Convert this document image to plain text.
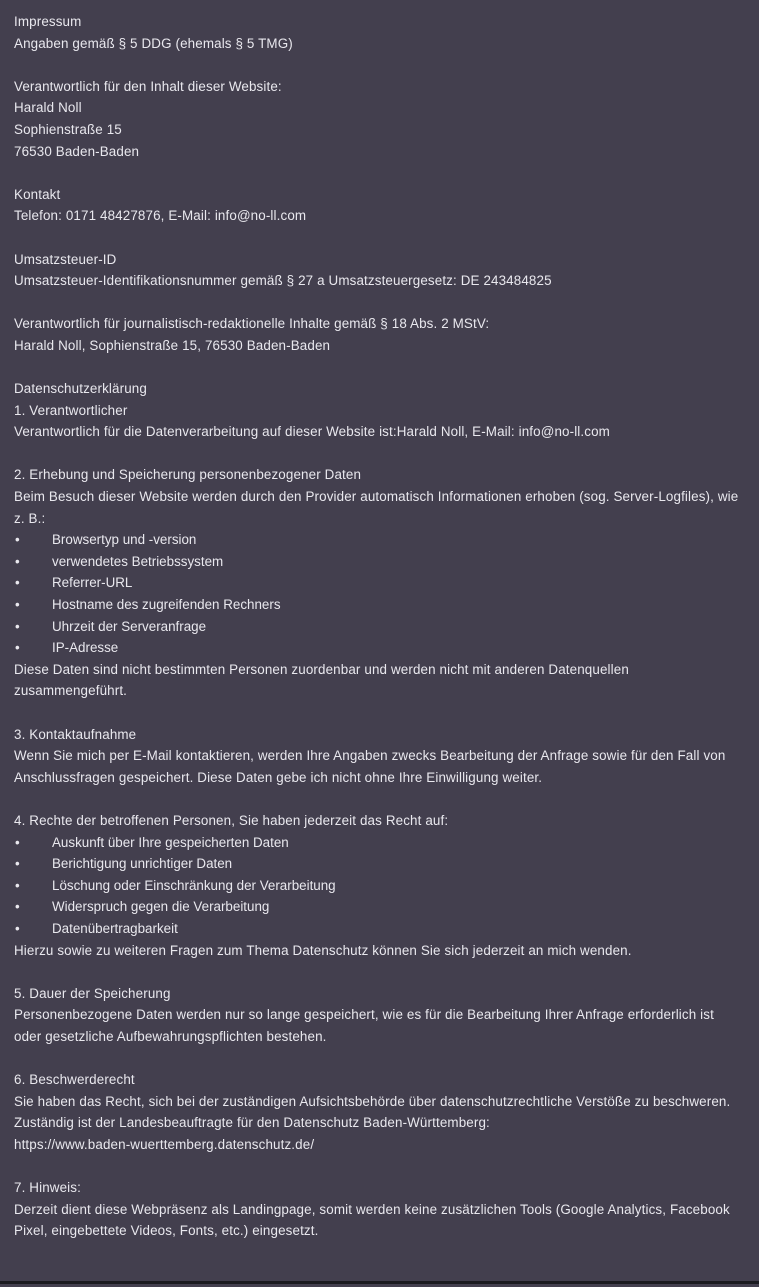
Impressum
Angaben gemäß § 5 DDG (ehemals § 5 TMG)

Verantwortlich für den Inhalt dieser Website:
Harald Noll
Sophienstraße 15
76530 Baden-Baden

Kontakt
Telefon: 0171 48427876, E-Mail: info@no-ll.com

Umsatzsteuer-ID
Umsatzsteuer-Identifikationsnummer gemäß § 27 a Umsatzsteuergesetz: DE 243484825

Verantwortlich für journalistisch-redaktionelle Inhalte gemäß § 18 Abs. 2 MStV:
Harald Noll, Sophienstraße 15, 76530 Baden-Baden

Datenschutzerklärung
1. Verantwortlicher
Verantwortlich für die Datenverarbeitung auf dieser Website ist:Harald Noll, E-Mail: info@no-ll.com

2. Erhebung und Speicherung personenbezogener Daten
Beim Besuch dieser Website werden durch den Provider automatisch Informationen erhoben (sog. Server-Logfiles), wie z. B.:
•	Browsertyp und -version
•	verwendetes Betriebssystem
•	Referrer-URL
•	Hostname des zugreifenden Rechners
•	Uhrzeit der Serveranfrage
•	IP-Adresse
Diese Daten sind nicht bestimmten Personen zuordenbar und werden nicht mit anderen Datenquellen zusammengeführt.

3. Kontaktaufnahme
Wenn Sie mich per E-Mail kontaktieren, werden Ihre Angaben zwecks Bearbeitung der Anfrage sowie für den Fall von Anschlussfragen gespeichert. Diese Daten gebe ich nicht ohne Ihre Einwilligung weiter.

4. Rechte der betroffenen Personen, Sie haben jederzeit das Recht auf:
•	Auskunft über Ihre gespeicherten Daten
•	Berichtigung unrichtiger Daten
•	Löschung oder Einschränkung der Verarbeitung
•	Widerspruch gegen die Verarbeitung
•	Datenübertragbarkeit
Hierzu sowie zu weiteren Fragen zum Thema Datenschutz können Sie sich jederzeit an mich wenden.

5. Dauer der Speicherung
Personenbezogene Daten werden nur so lange gespeichert, wie es für die Bearbeitung Ihrer Anfrage erforderlich ist oder gesetzliche Aufbewahrungspflichten bestehen.

6. Beschwerderecht
Sie haben das Recht, sich bei der zuständigen Aufsichtsbehörde über datenschutzrechtliche Verstöße zu beschweren. Zuständig ist der Landesbeauftragte für den Datenschutz Baden-Württemberg:
https://www.baden-wuerttemberg.datenschutz.de/

7. Hinweis:
Derzeit dient diese Webpräsenz als Landingpage, somit werden keine zusätzlichen Tools (Google Analytics, Facebook Pixel, eingebettete Videos, Fonts, etc.) eingesetzt.
